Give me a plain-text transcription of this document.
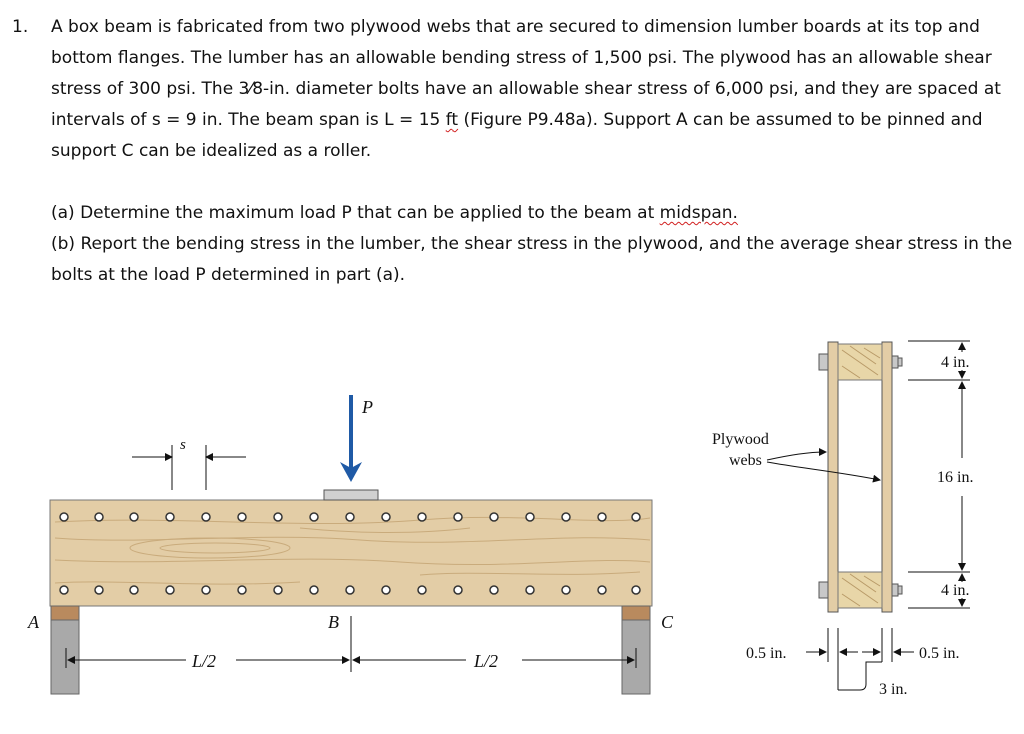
1. A box beam is fabricated from two plywood webs that are secured to dimension lumber boards at its top and bottom flanges. The lumber has an allowable bending stress of 1,500 psi. The plywood has an allowable shear stress of 300 psi. The 3⁄8-in. diameter bolts have an allowable shear stress of 6,000 psi, and they are spaced at intervals of s = 9 in. The beam span is L = 15 ft (Figure P9.48a). Support A can be assumed to be pinned and support C can be idealized as a roller.

(a) Determine the maximum load P that can be applied to the beam at midspan.

(b) Report the bending stress in the lumber, the shear stress in the plywood, and the average shear stress in the bolts at the load P determined in part (a).

P
s
A	C
B
L/2	L/2
Plywood
webs
4 in.
16 in.
4 in.
0.5 in.	0.5 in.
3 in.
